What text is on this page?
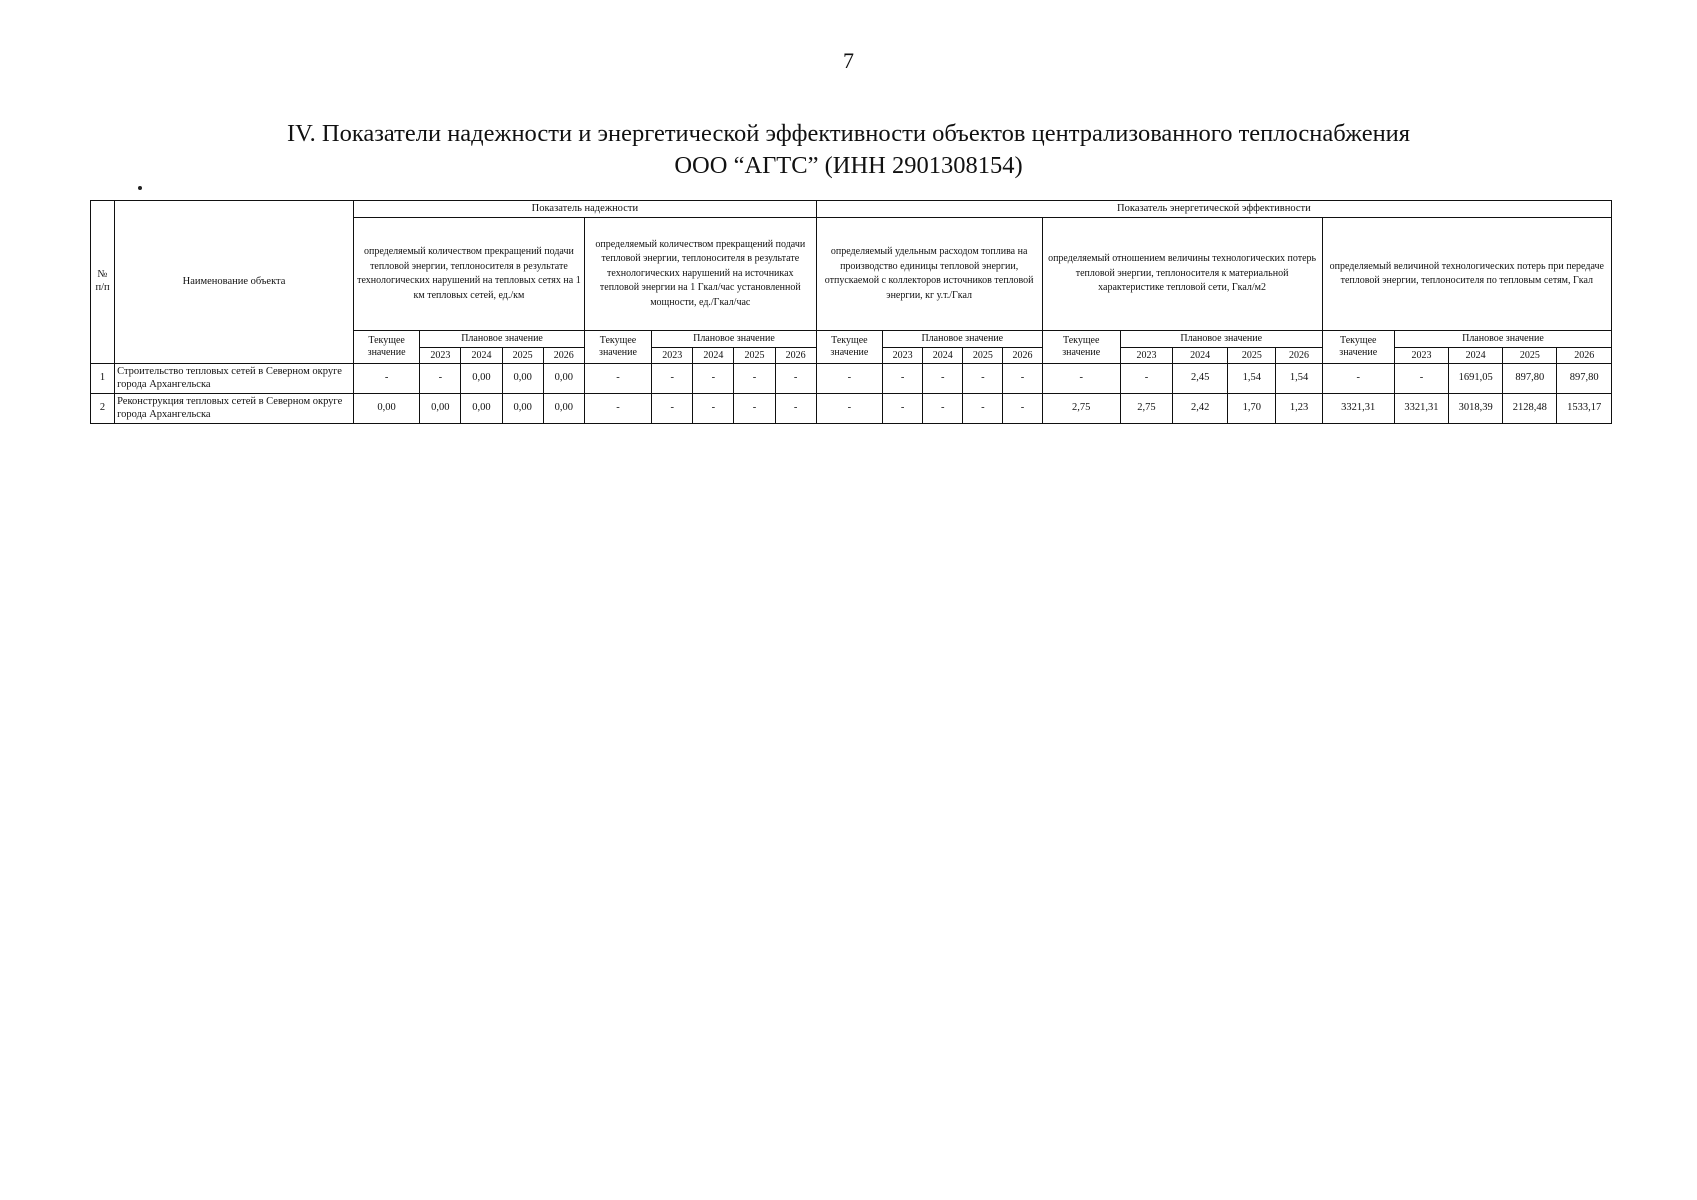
7
IV. Показатели надежности и энергетической эффективности объектов централизованного теплоснабжения
ООО “АГТС” (ИНН 2901308154)
№ п/п	Наименование объекта	Показатель надежности										Показатель энергетической эффективности														
		определяемый количеством прекращений подачи тепловой энергии, теплоносителя в результате технологических нарушений на тепловых сетях на 1 км тепловых сетей, ед./км					определяемый количеством прекращений подачи тепловой энергии, теплоносителя в результате технологических нарушений на источниках тепловой энергии на 1 Гкал/час установленной мощности, ед./Гкал/час					определяемый удельным расходом топлива на производство единицы тепловой энергии, отпускаемой с коллекторов источников тепловой энергии, кг у.т./Гкал					определяемый отношением величины технологических потерь тепловой энергии, теплоносителя к материальной характеристике тепловой сети, Гкал/м2					определяемый величиной технологических потерь при передаче тепловой энергии, теплоносителя по тепловым сетям, Гкал				
		Текущее значение	Плановое значение				Текущее значение	Плановое значение				Текущее значение	Плановое значение				Текущее значение	Плановое значение				Текущее значение	Плановое значение			
			2023	2024	2025	2026		2023	2024	2025	2026		2023	2024	2025	2026		2023	2024	2025	2026		2023	2024	2025	2026
1	Строительство тепловых сетей в Северном округе города Архангельска	-	-	0,00	0,00	0,00	-	-	-	-	-	-	-	-	-	-	-	-	2,45	1,54	1,54	-	-	1691,05	897,80	897,80
2	Реконструкция тепловых сетей в Северном округе города Архангельска	0,00	0,00	0,00	0,00	0,00	-	-	-	-	-	-	-	-	-	-	2,75	2,75	2,42	1,70	1,23	3321,31	3321,31	3018,39	2128,48	1533,17
